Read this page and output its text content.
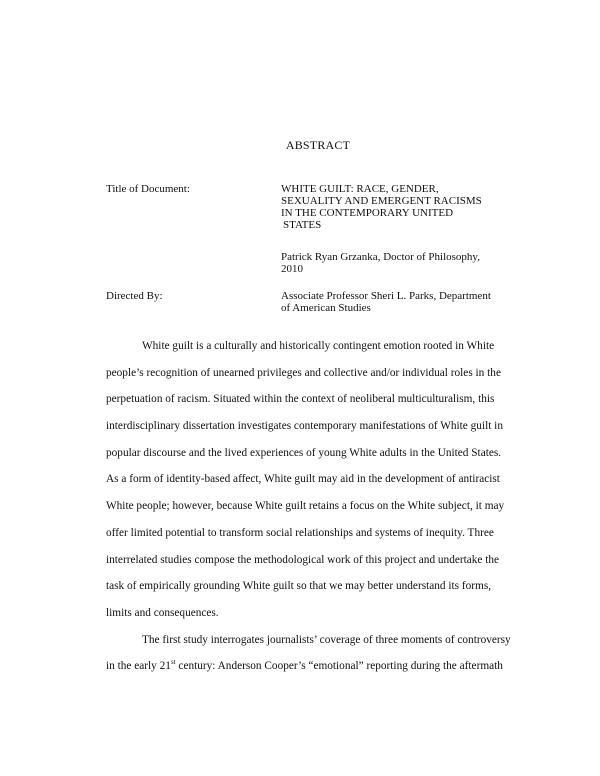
ABSTRACT
Title of Document:	WHITE GUILT: RACE, GENDER,
SEXUALITY AND EMERGENT RACISMS
IN THE CONTEMPORARY UNITED
STATES
Patrick Ryan Grzanka, Doctor of Philosophy,
2010
Directed By:	Associate Professor Sheri L. Parks, Department
of American Studies
White guilt is a culturally and historically contingent emotion rooted in White
people’s recognition of unearned privileges and collective and/or individual roles in the
perpetuation of racism. Situated within the context of neoliberal multiculturalism, this
interdisciplinary dissertation investigates contemporary manifestations of White guilt in
popular discourse and the lived experiences of young White adults in the United States.
As a form of identity-based affect, White guilt may aid in the development of antiracist
White people; however, because White guilt retains a focus on the White subject, it may
offer limited potential to transform social relationships and systems of inequity. Three
interrelated studies compose the methodological work of this project and undertake the
task of empirically grounding White guilt so that we may better understand its forms,
limits and consequences.
The first study interrogates journalists’ coverage of three moments of controversy
in the early 21st century: Anderson Cooper’s “emotional” reporting during the aftermath
